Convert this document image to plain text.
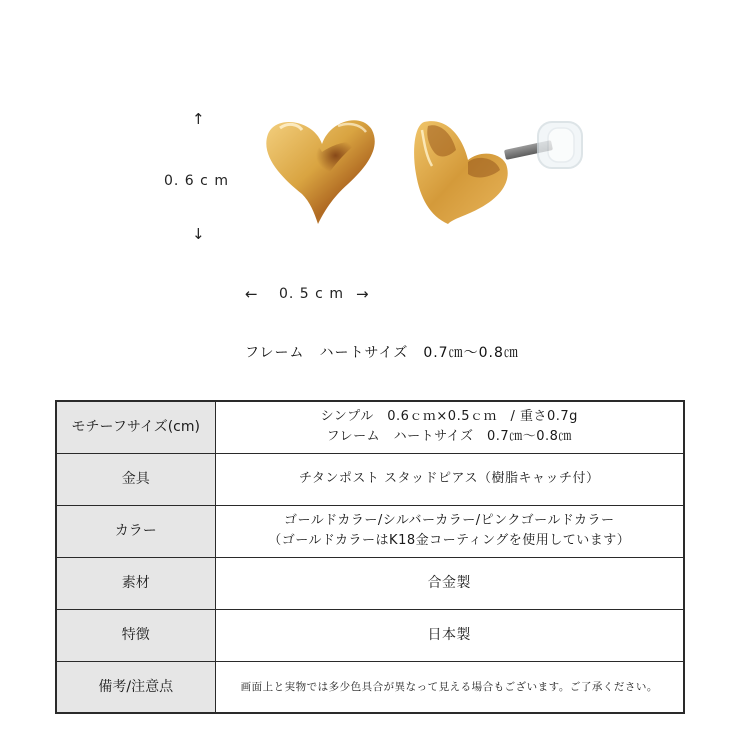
↑
0. 6 c m
↓
← 0. 5 c m →
フレーム　ハートサイズ　0.7㎝～0.8㎝
モチーフサイズ(cm)	シンプル　0.6ｃｍ×0.5ｃｍ　/ 重さ0.7g
フレーム　ハートサイズ　0.7㎝～0.8㎝

金具	チタンポスト スタッドピアス（樹脂キャッチ付）

カラー	ゴールドカラー/シルバーカラー/ピンクゴールドカラー
（ゴールドカラーはK18金コーティングを使用しています）

素材	合金製

特徴	日本製

備考/注意点	画面上と実物では多少色具合が異なって見える場合もございます。ご了承ください。
